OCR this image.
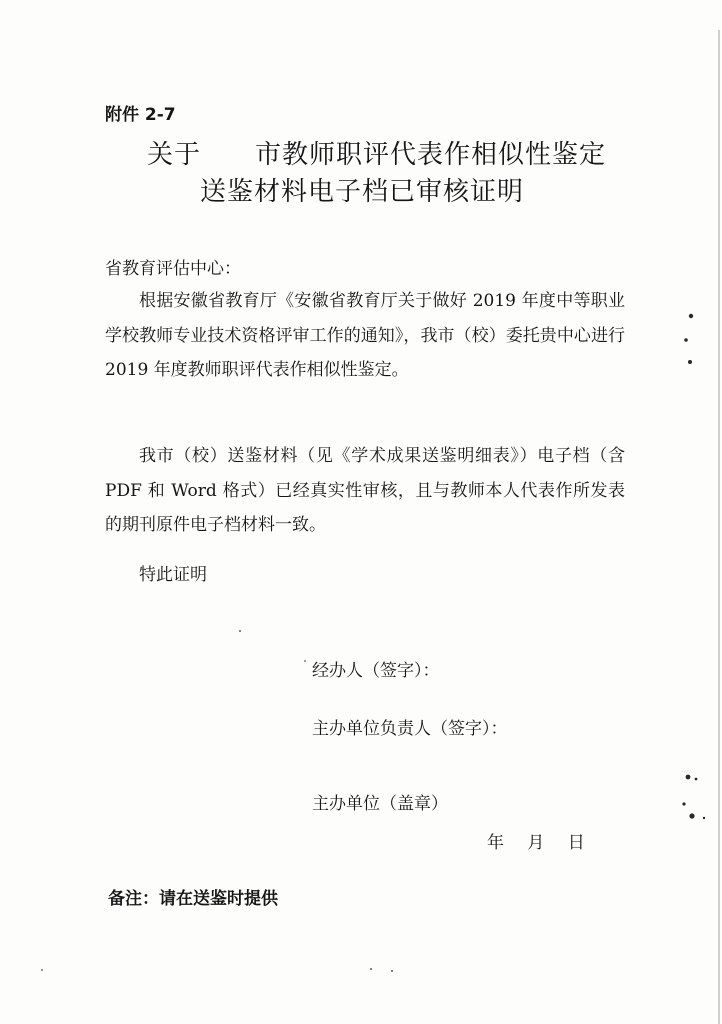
附件 2-7
关于　　市教师职评代表作相似性鉴定
送鉴材料电子档已审核证明
省教育评估中心：
根据安徽省教育厅《安徽省教育厅关于做好 2019 年度中等职业学校教师专业技术资格评审工作的通知》，我市（校）委托贵中心进行 2019 年度教师职评代表作相似性鉴定。
我市（校）送鉴材料（见《学术成果送鉴明细表》）电子档（含 PDF 和 Word 格式）已经真实性审核，且与教师本人代表作所发表的期刊原件电子档材料一致。
特此证明
经办人（签字）：
主办单位负责人（签字）：
主办单位（盖章）
年 月 日
备注：请在送鉴时提供
